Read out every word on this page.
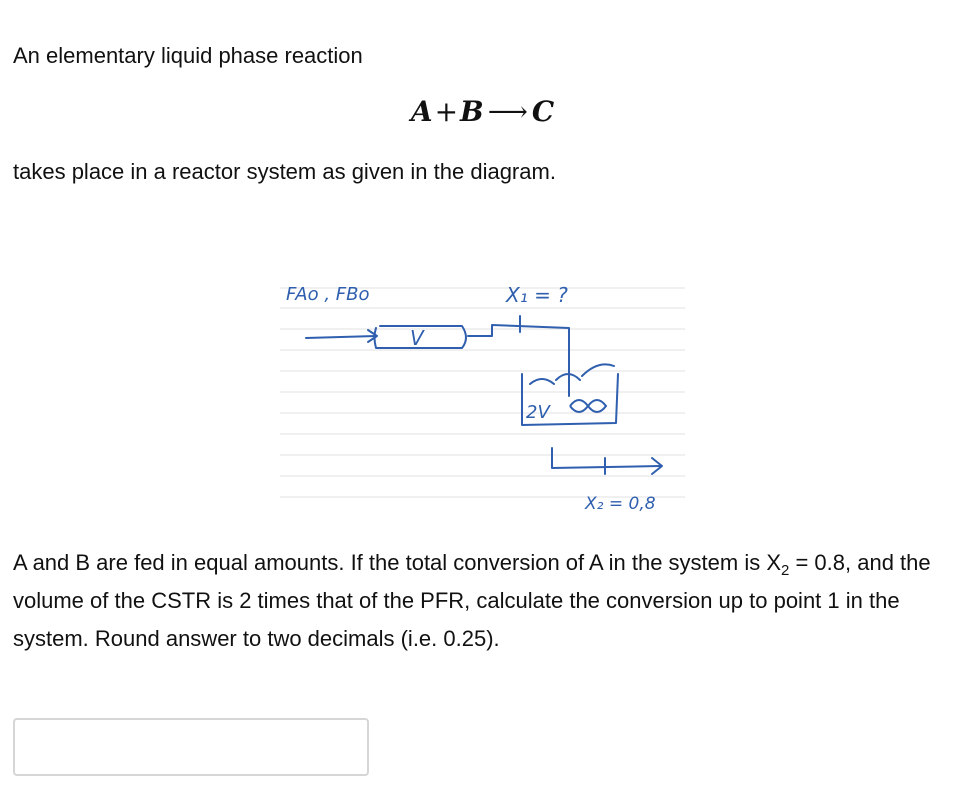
An elementary liquid phase reaction

A+B ⟶ C

takes place in a reactor system as given in the diagram.

FAo , FBo
V
X₁ = ?
2V
X₂ = 0,8

A and B are fed in equal amounts. If the total conversion of A in the system is $X_2 = 0.8$, and the volume of the CSTR is 2 times that of the PFR, calculate the conversion up to point 1 in the system. Round answer to two decimals (i.e. 0.25).
